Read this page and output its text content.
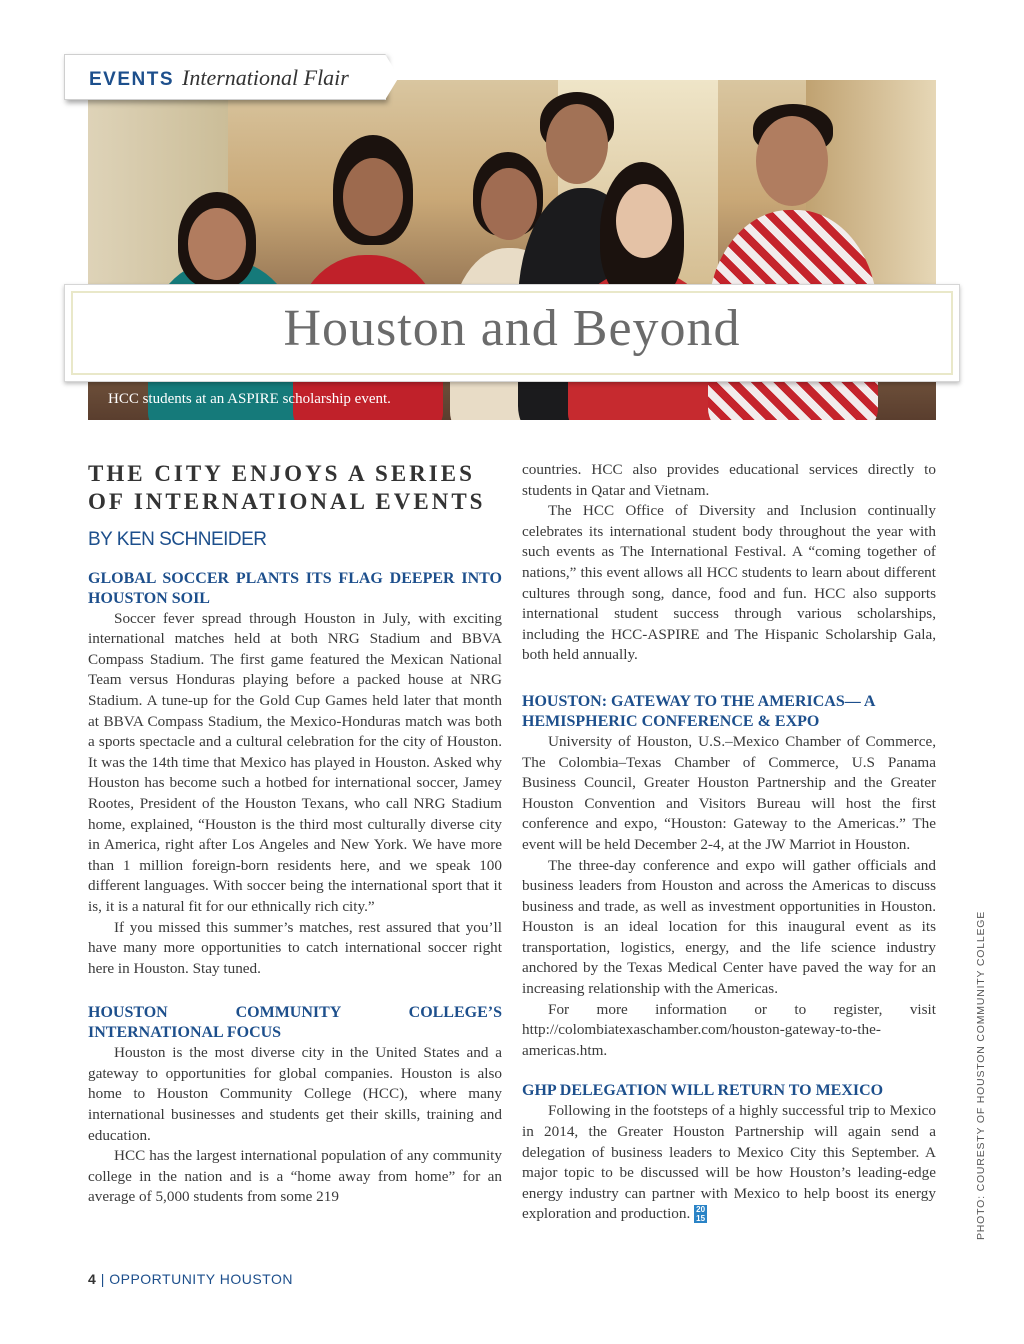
HCC students at an ASPIRE scholarship event.
EVENTS International Flair
Houston and Beyond
THE CITY ENJOYS A SERIES OF INTERNATIONAL EVENTS
BY KEN SCHNEIDER
GLOBAL SOCCER PLANTS ITS FLAG DEEPER INTO HOUSTON SOIL

Soccer fever spread through Houston in July, with exciting international matches held at both NRG Stadium and BBVA Compass Stadium. The first game featured the Mexican National Team versus Honduras playing before a packed house at NRG Stadium. A tune-up for the Gold Cup Games held later that month at BBVA Compass Stadium, the Mexico-Honduras match was both a sports spectacle and a cultural celebration for the city of Houston. It was the 14th time that Mexico has played in Houston. Asked why Houston has become such a hotbed for international soccer, Jamey Rootes, President of the Houston Texans, who call NRG Stadium home, explained, “Houston is the third most culturally diverse city in America, right after Los Angeles and New York. We have more than 1 million foreign-born residents here, and we speak 100 different languages. With soccer being the international sport that it is, it is a natural fit for our ethnically rich city.”

If you missed this summer’s matches, rest assured that you’ll have many more opportunities to catch international soccer right here in Houston. Stay tuned.

HOUSTON COMMUNITY COLLEGE’S INTERNATIONAL FOCUS

Houston is the most diverse city in the United States and a gateway to opportunities for global companies. Houston is also home to Houston Community College (HCC), where many international businesses and students get their skills, training and education.

HCC has the largest international population of any community college in the nation and is a “home away from home” for an average of 5,000 students from some 219

countries. HCC also provides educational services directly to students in Qatar and Vietnam.

The HCC Office of Diversity and Inclusion continually celebrates its international student body throughout the year with such events as The International Festival. A “coming together of nations,” this event allows all HCC students to learn about different cultures through song, dance, food and fun. HCC also supports international student success through various scholarships, including the HCC-ASPIRE and The Hispanic Scholarship Gala, both held annually.

HOUSTON: GATEWAY TO THE AMERICAS— A HEMISPHERIC CONFERENCE & EXPO

University of Houston, U.S.–Mexico Chamber of Commerce, The Colombia–Texas Chamber of Commerce, U.S Panama Business Council, Greater Houston Partnership and the Greater Houston Convention and Visitors Bureau will host the first conference and expo, “Houston: Gateway to the Americas.” The event will be held December 2-4, at the JW Marriot in Houston.

The three-day conference and expo will gather officials and business leaders from Houston and across the Americas to discuss business and trade, as well as investment opportunities in Houston. Houston is an ideal location for this inaugural event as its transportation, logistics, energy, and the life science industry anchored by the Texas Medical Center have paved the way for an increasing relationship with the Americas.

For more information or to register, visit http://colombiatexaschamber.com/houston-gateway-to-the-americas.htm.

GHP DELEGATION WILL RETURN TO MEXICO

Following in the footsteps of a highly successful trip to Mexico in 2014, the Greater Houston Partnership will again send a delegation of business leaders to Mexico City this September. A major topic to be discussed will be how Houston’s leading-edge energy industry can partner with Mexico to help boost its energy exploration and production. 20 15

4 | OPPORTUNITY HOUSTON
PHOTO: COURESTY OF HOUSTON COMMUNITY COLLEGE
